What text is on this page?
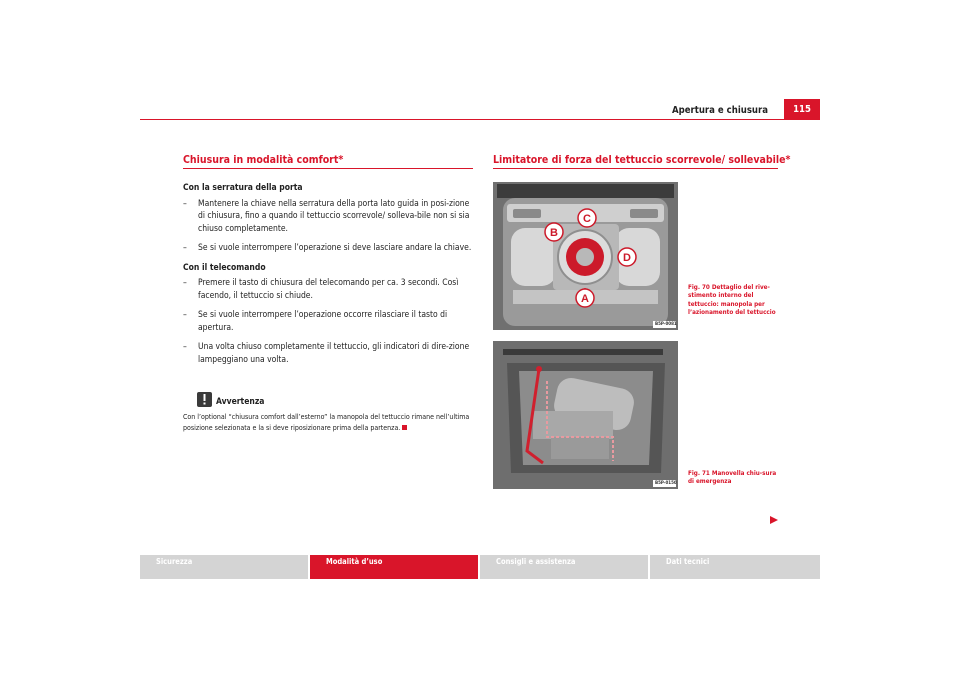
Apertura e chiusura	115
Chiusura in modalità comfort*

Con la serratura della porta

– Mantenere la chiave nella serratura della porta lato guida in posi-zione di chiusura, fino a quando il tettuccio scorrevole/ solleva-bile non si sia chiuso completamente.

– Se si vuole interrompere l’operazione si deve lasciare andare la chiave.

Con il telecomando

– Premere il tasto di chiusura del telecomando per ca. 3 secondi. Così facendo, il tettuccio si chiude.

– Se si vuole interrompere l’operazione occorre rilasciare il tasto di apertura.

– Una volta chiuso completamente il tettuccio, gli indicatori di dire-zione lampeggiano una volta.

Avvertenza
Con l’optional “chiusura comfort dall’esterno” la manopola del tettuccio rimane nell’ultima posizione selezionata e la si deve riposizionare prima della partenza.
Limitatore di forza del tettuccio scorrevole/ sollevabile*
A
B
C
D
B5P-0081
Fig. 70 Dettaglio del rive-stimento interno del tettuccio: manopola per l’azionamento del tettuccio
B5P-0150
Fig. 71 Manovella chiu-sura di emergenza
Sicurezza	Modalità d’uso	Consigli e assistenza	Dati tecnici
